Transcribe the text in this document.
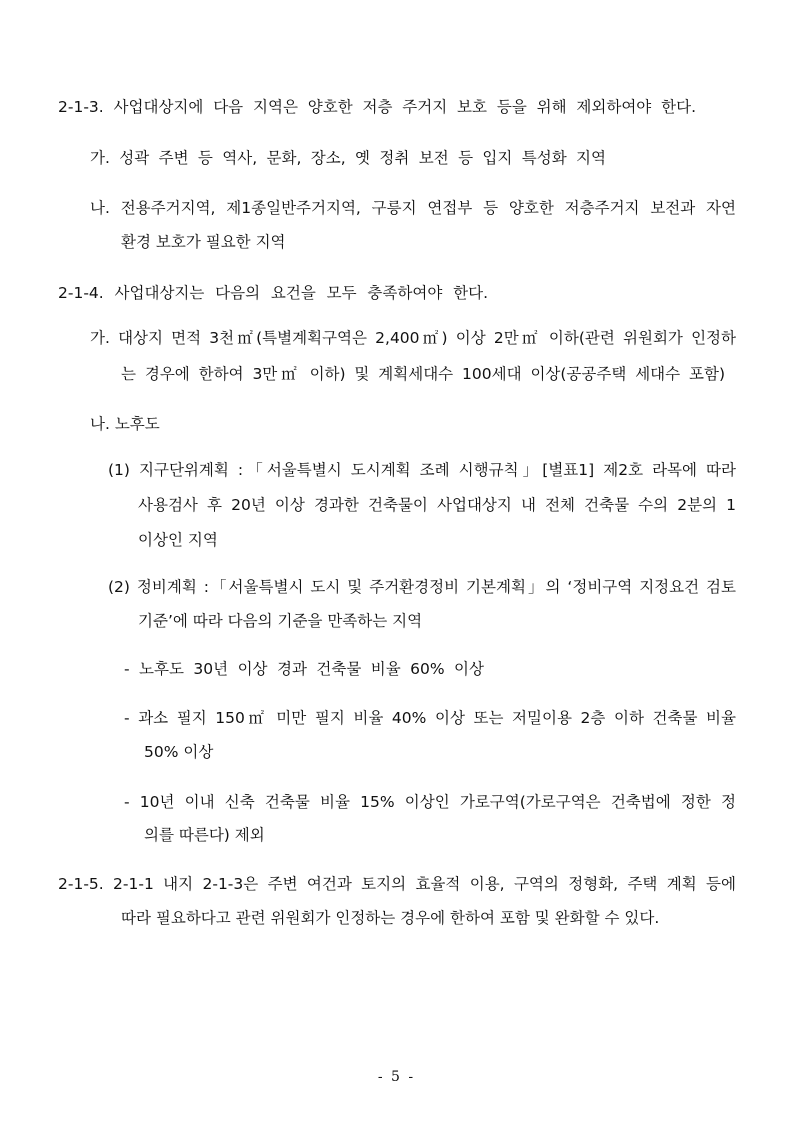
2-1-3. 사업대상지에 다음 지역은 양호한 저층 주거지 보호 등을 위해 제외하여야 한다.
가. 성곽 주변 등 역사, 문화, 장소, 옛 정취 보전 등 입지 특성화 지역
나. 전용주거지역, 제1종일반주거지역, 구릉지 연접부 등 양호한 저층주거지 보전과 자연
환경 보호가 필요한 지역
2-1-4. 사업대상지는 다음의 요건을 모두 충족하여야 한다.
가. 대상지 면적 3천㎡(특별계획구역은 2,400㎡) 이상 2만㎡ 이하(관련 위원회가 인정하
는 경우에 한하여 3만㎡ 이하) 및 계획세대수 100세대 이상(공공주택 세대수 포함)
나. 노후도
(1) 지구단위계획 :「서울특별시 도시계획 조례 시행규칙」[별표1] 제2호 라목에 따라
사용검사 후 20년 이상 경과한 건축물이 사업대상지 내 전체 건축물 수의 2분의 1
이상인 지역
(2) 정비계획 :「서울특별시 도시 및 주거환경정비 기본계획」의 ‘정비구역 지정요건 검토
기준’에 따라 다음의 기준을 만족하는 지역
- 노후도 30년 이상 경과 건축물 비율 60% 이상
- 과소 필지 150㎡ 미만 필지 비율 40% 이상 또는 저밀이용 2층 이하 건축물 비율
50% 이상
- 10년 이내 신축 건축물 비율 15% 이상인 가로구역(가로구역은 건축법에 정한 정
의를 따른다) 제외
2-1-5. 2-1-1 내지 2-1-3은 주변 여건과 토지의 효율적 이용, 구역의 정형화, 주택 계획 등에
따라 필요하다고 관련 위원회가 인정하는 경우에 한하여 포함 및 완화할 수 있다.
- 5 -
